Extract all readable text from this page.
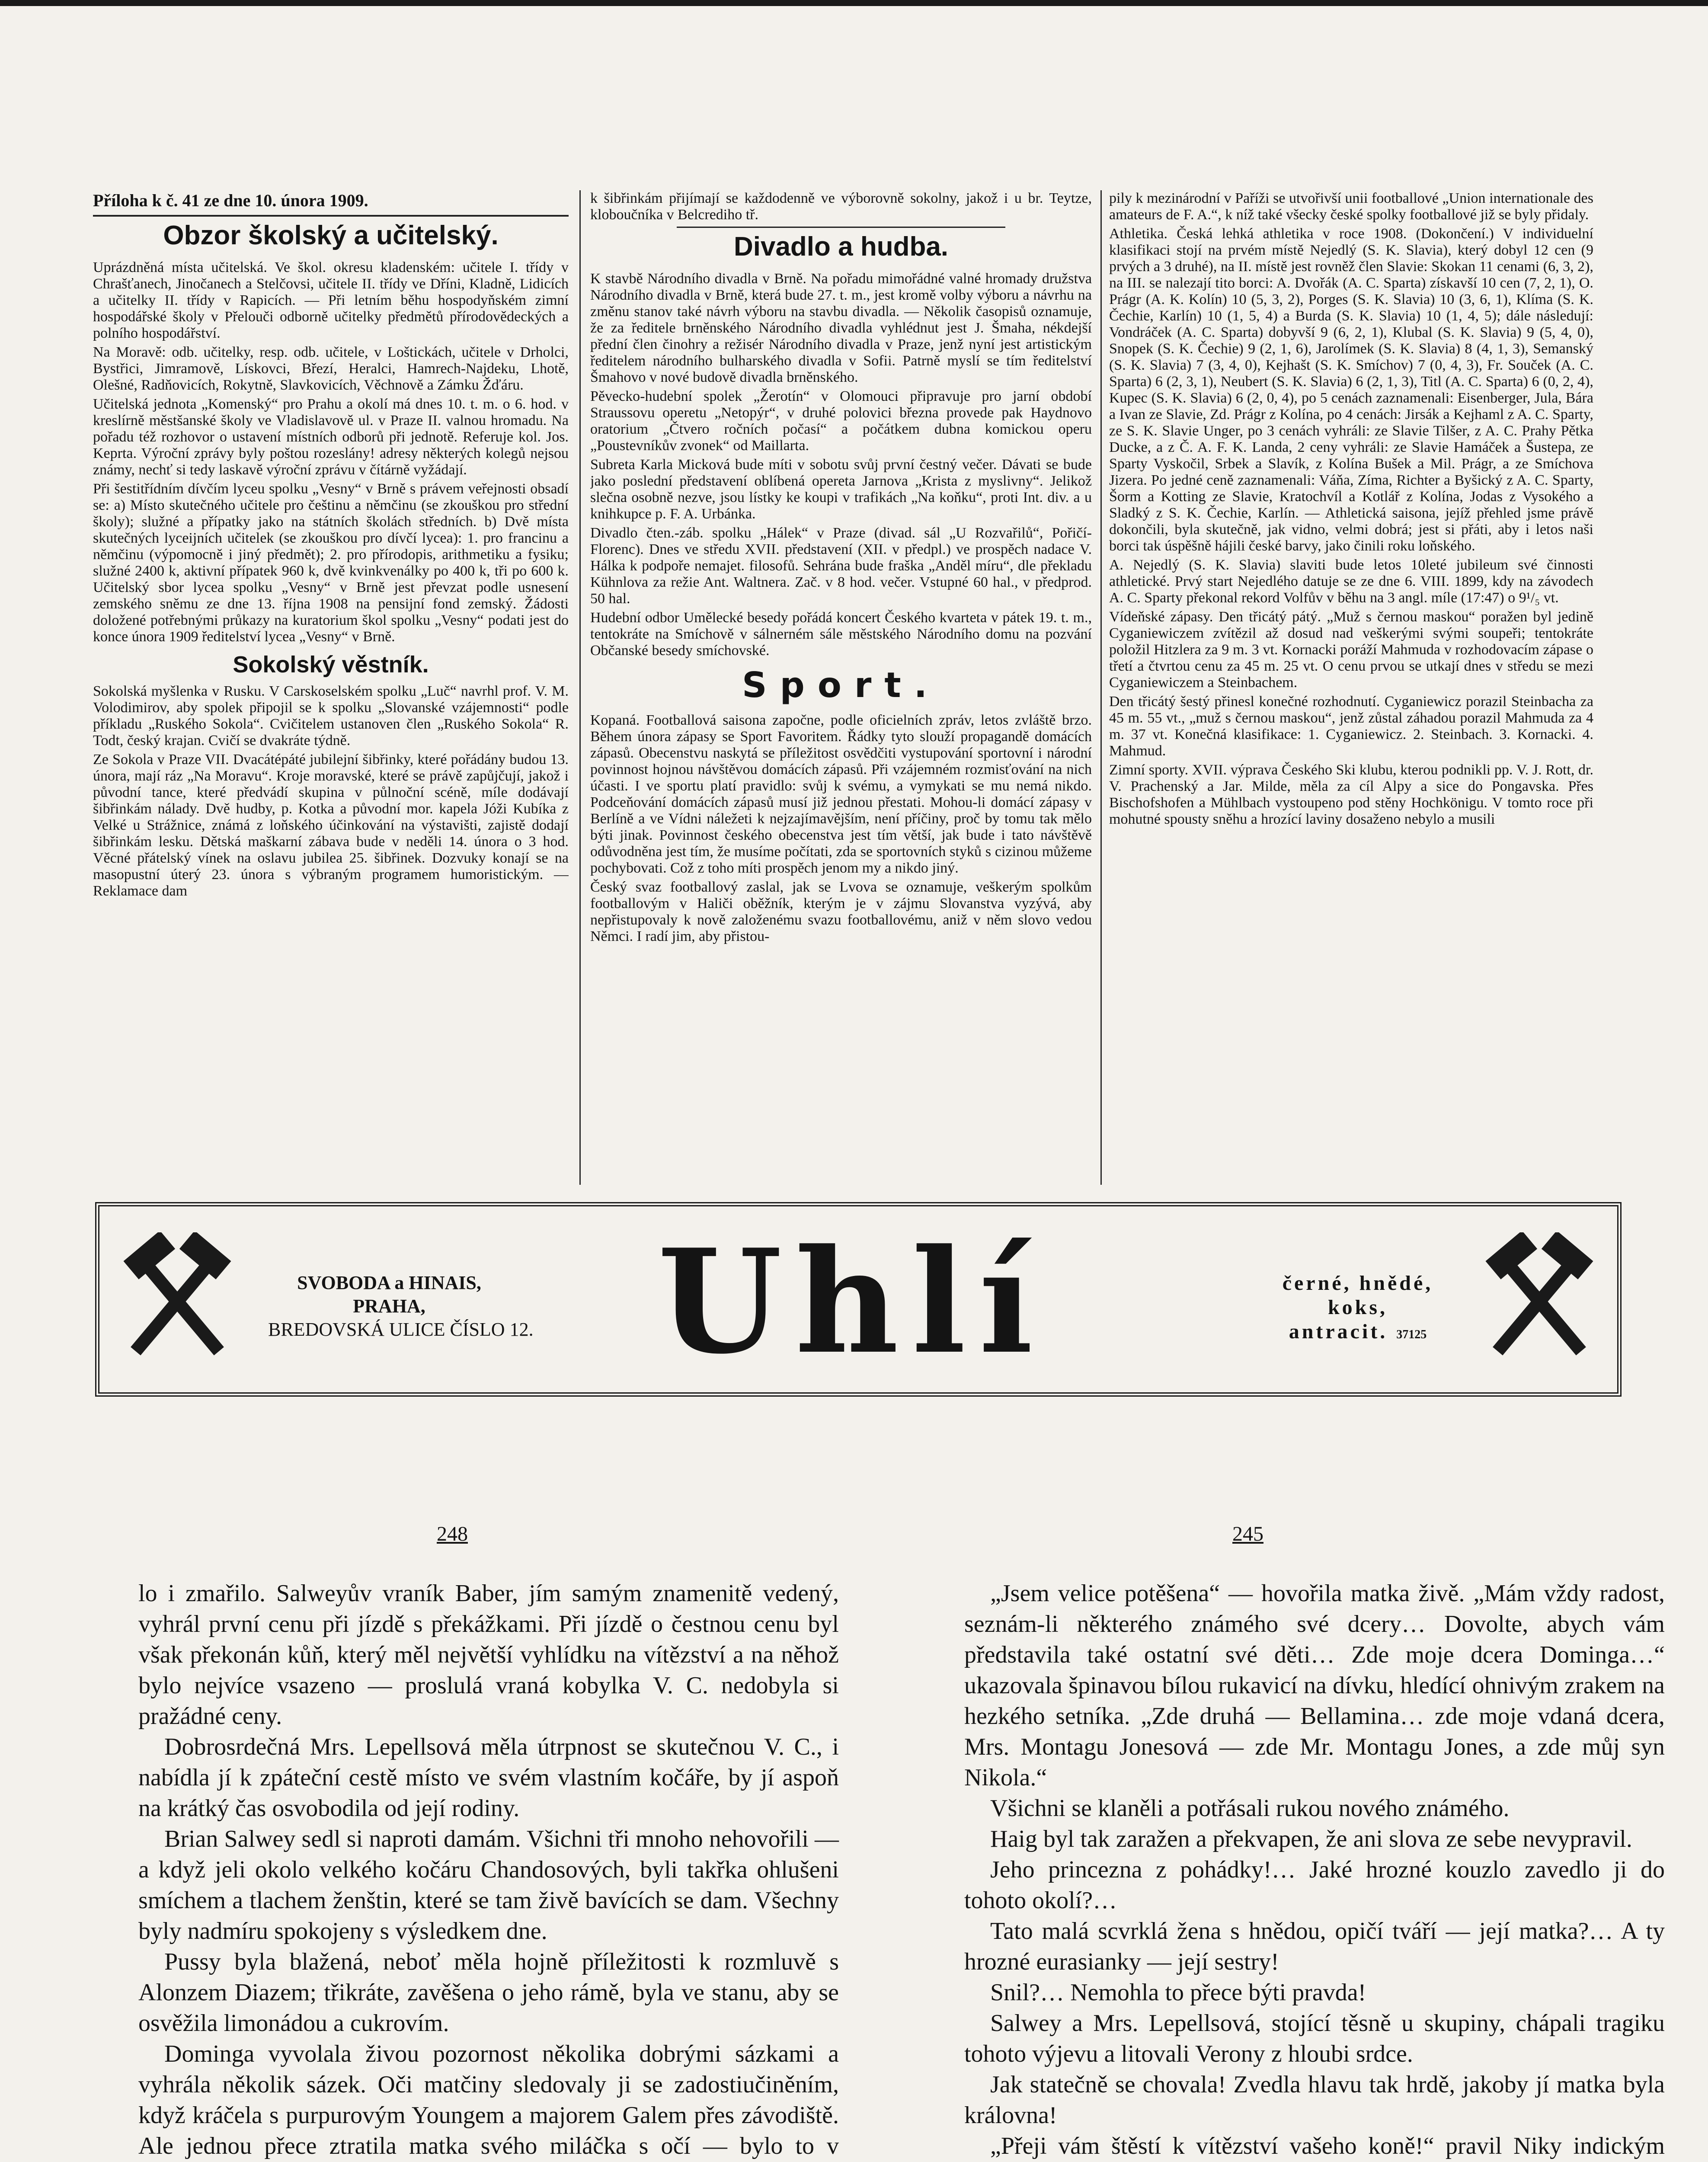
Příloha k č. 41 ze dne 10. února 1909.
Obzor školský a učitelský.

Uprázdněná místa učitelská. Ve škol. okresu kladenském: učitele I. třídy v Chrašťanech, Jinočanech a Stelčovsi, učitele II. třídy ve Dříni, Kladně, Lidicích a učitelky II. třídy v Rapicích. — Při letním běhu hospodyňském zimní hospodářské školy v Přelouči odborně učitelky předmětů přírodovědeckých a polního hospodářství.

Na Moravě: odb. učitelky, resp. odb. učitele, v Loštickách, učitele v Drholci, Bystřici, Jimramově, Lískovci, Březí, Heralci, Hamrech-Najdeku, Lhotě, Olešné, Radňovicích, Rokytně, Slavkovicích, Věchnově a Zámku Žďáru.

Učitelská jednota „Komenský“ pro Prahu a okolí má dnes 10. t. m. o 6. hod. v kreslírně městšanské školy ve Vladislavově ul. v Praze II. valnou hromadu. Na pořadu též rozhovor o ustavení místních odborů při jednotě. Referuje kol. Jos. Keprta. Výroční zprávy byly poštou rozeslány! adresy některých kolegů nejsou známy, nechť si tedy laskavě výroční zprávu v čítárně vyžádají.

Při šestitřídním dívčím lyceu spolku „Vesny“ v Brně s právem veřejnosti obsadí se: a) Místo skutečného učitele pro češtinu a němčinu (se zkouškou pro střední školy); služné a přípatky jako na státních školách středních. b) Dvě místa skutečných lyceijních učitelek (se zkouškou pro dívčí lycea): 1. pro francinu a němčinu (výpomocně i jiný předmět); 2. pro přírodopis, arithmetiku a fysiku; služné 2400 k, aktivní přípatek 960 k, dvě kvinkvenálky po 400 k, tři po 600 k. Učitelský sbor lycea spolku „Vesny“ v Brně jest převzat podle usnesení zemského sněmu ze dne 13. října 1908 na pensijní fond zemský. Žádosti doložené potřebnými průkazy na kuratorium škol spolku „Vesny“ podati jest do konce února 1909 ředitelství lycea „Vesny“ v Brně.

Sokolský věstník.

Sokolská myšlenka v Rusku. V Carskoselském spolku „Luč“ navrhl prof. V. M. Volodimirov, aby spolek připojil se k spolku „Slovanské vzájemnosti“ podle příkladu „Ruského Sokola“. Cvičitelem ustanoven člen „Ruského Sokola“ R. Todt, český krajan. Cvičí se dvakráte týdně.

Ze Sokola v Praze VII. Dvacátépáté jubilejní šibřinky, které pořádány budou 13. února, mají ráz „Na Moravu“. Kroje moravské, které se právě zapůjčují, jakož i původní tance, které předvádí skupina v půlnoční scéně, míle dodávají šibřinkám nálady. Dvě hudby, p. Kotka a původní mor. kapela Jóži Kubíka z Velké u Strážnice, známá z loňského účinkování na výstavišti, zajistě dodají šibřinkám lesku. Dětská maškarní zábava bude v neděli 14. února o 3 hod. Věcné přátelský vínek na oslavu jubilea 25. šibřinek. Dozvuky konají se na masopustní úterý 23. února s výbraným programem humoristickým. — Reklamace dam

k šibřinkám přijímají se každodenně ve výborovně sokolny, jakož i u br. Teytze, kloboučníka v Belcrediho tř.

Divadlo a hudba.

K stavbě Národního divadla v Brně. Na pořadu mimořádné valné hromady družstva Národního divadla v Brně, která bude 27. t. m., jest kromě volby výboru a návrhu na změnu stanov také návrh výboru na stavbu divadla. — Několik časopisů oznamuje, že za ředitele brněnského Národního divadla vyhlédnut jest J. Šmaha, nékdejší přední člen činohry a režisér Národního divadla v Praze, jenž nyní jest artistickým ředitelem národního bulharského divadla v Sofii. Patrně myslí se tím ředitelství Šmahovo v nové budově divadla brněnského.

Pěvecko-hudební spolek „Žerotín“ v Olomouci připravuje pro jarní období Straussovu operetu „Netopýr“, v druhé polovici března provede pak Haydnovo oratorium „Čtvero ročních počasí“ a počátkem dubna komickou operu „Poustevníkův zvonek“ od Maillarta.

Subreta Karla Micková bude míti v sobotu svůj první čestný večer. Dávati se bude jako poslední představení oblíbená opereta Jarnova „Krista z myslivny“. Jelikož slečna osobně nezve, jsou lístky ke koupi v trafikách „Na koňku“, proti Int. div. a u knihkupce p. F. A. Urbánka.

Divadlo čten.-záb. spolku „Hálek“ v Praze (divad. sál „U Rozvařilů“, Pořičí-Florenc). Dnes ve středu XVII. představení (XII. v předpl.) ve prospěch nadace V. Hálka k podpoře nemajet. filosofů. Sehrána bude fraška „Anděl míru“, dle překladu Kühnlova za režie Ant. Waltnera. Zač. v 8 hod. večer. Vstupné 60 hal., v předprod. 50 hal.

Hudební odbor Umělecké besedy pořádá koncert Českého kvarteta v pátek 19. t. m., tentokráte na Smíchově v sálnerném sále městského Národního domu na pozvání Občanské besedy smíchovské.

Sport.

Kopaná. Footballová saisona započne, podle oficielních zpráv, letos zvláště brzo. Během února zápasy se Sport Favoritem. Řádky tyto slouží propagandě domácích zápasů. Obecenstvu naskytá se příležitost osvědčiti vystupování sportovní i národní povinnost hojnou návštěvou domácích zápasů. Při vzájemném rozmisťování na nich účasti. I ve sportu platí pravidlo: svůj k svému, a vymykati se mu nemá nikdo. Podceňování domácích zápasů musí již jednou přestati. Mohou-li domácí zápasy v Berlíně a ve Vídni náležeti k nejzajímavějším, není příčiny, proč by tomu tak mělo býti jinak. Povinnost českého obecenstva jest tím větší, jak bude i tato návštěvě odůvodněna jest tím, že musíme počítati, zda se sportovních styků s cizinou můžeme pochybovati. Což z toho míti prospěch jenom my a nikdo jiný.

Český svaz footballový zaslal, jak se Lvova se oznamuje, veškerým spolkům footballovým v Haliči oběžník, kterým je v zájmu Slovanstva vyzývá, aby nepřistupovaly k nově založenému svazu footballovému, aniž v něm slovo vedou Němci. I radí jim, aby přistou-

pily k mezinárodní v Paříži se utvořivší unii footballové „Union internationale des amateurs de F. A.“, k níž také všecky české spolky footballové již se byly přidaly.

Athletika. Česká lehká athletika v roce 1908. (Dokončení.) V individuelní klasifikaci stojí na prvém místě Nejedlý (S. K. Slavia), který dobyl 12 cen (9 prvých a 3 druhé), na II. místě jest rovněž člen Slavie: Skokan 11 cenami (6, 3, 2), na III. se nalezají tito borci: A. Dvořák (A. C. Sparta) získavší 10 cen (7, 2, 1), O. Prágr (A. K. Kolín) 10 (5, 3, 2), Porges (S. K. Slavia) 10 (3, 6, 1), Klíma (S. K. Čechie, Karlín) 10 (1, 5, 4) a Burda (S. K. Slavia) 10 (1, 4, 5); dále následují: Vondráček (A. C. Sparta) dobyvší 9 (6, 2, 1), Klubal (S. K. Slavia) 9 (5, 4, 0), Snopek (S. K. Čechie) 9 (2, 1, 6), Jarolímek (S. K. Slavia) 8 (4, 1, 3), Semanský (S. K. Slavia) 7 (3, 4, 0), Kejhašt (S. K. Smíchov) 7 (0, 4, 3), Fr. Souček (A. C. Sparta) 6 (2, 3, 1), Neubert (S. K. Slavia) 6 (2, 1, 3), Titl (A. C. Sparta) 6 (0, 2, 4), Kupec (S. K. Slavia) 6 (2, 0, 4), po 5 cenách zaznamenali: Eisenberger, Jula, Bára a Ivan ze Slavie, Zd. Prágr z Kolína, po 4 cenách: Jirsák a Kejhaml z A. C. Sparty, ze S. K. Slavie Unger, po 3 cenách vyhráli: ze Slavie Tilšer, z A. C. Prahy Pětka Ducke, a z Č. A. F. K. Landa, 2 ceny vyhráli: ze Slavie Hamáček a Šusteра, ze Sparty Vyskočil, Srbek a Slavík, z Kolína Bušek a Mil. Prágr, a ze Smíchova Jizera. Po jedné ceně zaznamenali: Váňa, Zíma, Richter a Byšický z A. C. Sparty, Šorm a Kotting ze Slavie, Kratochvíl a Kotlář z Kolína, Jodas z Vysokého a Sladký z S. K. Čechie, Karlín. — Athletická saisona, jejíž přehled jsme právě dokončili, byla skutečně, jak vidno, velmi dobrá; jest si přáti, aby i letos naši borci tak úspěšně hájili české barvy, jako činili roku loňského.

A. Nejedlý (S. K. Slavia) slaviti bude letos 10leté jubileum své činnosti athletické. Prvý start Nejedlého datuje se ze dne 6. VIII. 1899, kdy na závodech A. C. Sparty překonal rekord Volfův v běhu na 3 angl. míle (17:47) o 9¹/₅ vt.

Vídeňské zápasy. Den třicátý pátý. „Muž s černou maskou“ poražen byl jedině Cyganiewiczem zvítězil až dosud nad veškerými svými soupeři; tentokráte položil Hitzlera za 9 m. 3 vt. Kornacki poráží Mahmuda v rozhodovacím zápase o třetí a čtvrtou cenu za 45 m. 25 vt. O cenu prvou se utkají dnes v středu se mezi Cyganiewiczem a Steinbachem.

Den třicátý šestý přinesl konečné rozhodnutí. Cyganiewicz porazil Steinbacha za 45 m. 55 vt., „muž s černou maskou“, jenž zůstal záhadou porazil Mahmuda za 4 m. 37 vt. Konečná klasifikace: 1. Cyganiewicz. 2. Steinbach. 3. Kornacki. 4. Mahmud.

Zimní sporty. XVII. výprava Českého Ski klubu, kterou podnikli pp. V. J. Rott, dr. V. Prachenský a Jar. Milde, měla za cíl Alpy a sice do Pongavska. Přes Bischofshofen a Mühlbach vystoupeno pod stěny Hochkönigu. V tomto roce při mohutné spousty sněhu a hrozící laviny dosaženo nebylo a musili

SVOBODA a HINAIS,
PRAHA,
BREDOVSKÁ ULICE ČÍSLO 12. Uhlí	černé, hnědé,
koks,
antracit. 37125
248	245

lo i zmařilo. Salweyův vraník Baber, jím samým znamenitě vedený, vyhrál první cenu při jízdě s překážkami. Při jízdě o čestnou cenu byl však překonán kůň, který měl největší vyhlídku na vítězství a na něhož bylo nejvíce vsazeno — proslulá vraná kobylka V. C. nedobyla si pražádné ceny.

Dobrosrdečná Mrs. Lepellsová měla útrpnost se skutečnou V. C., i nabídla jí k zpáteční cestě místo ve svém vlastním kočáře, by jí aspoň na krátký čas osvobodila od její rodiny.

Brian Salwey sedl si naproti damám. Všichni tři mnoho nehovořili — a když jeli okolo velkého kočáru Chandosových, byli takřka ohlušeni smíchem a tlachem ženštin, které se tam živě bavících se dam. Všechny byly nadmíru spokojeny s výsledkem dne.

Pussy byla blažená, neboť měla hojně příležitosti k rozmluvě s Alonzem Diazem; třikráte, zavěšena o jeho rámě, byla ve stanu, aby se osvěžila limonádou a cukrovím.

Dominga vyvolala živou pozornost několika dobrými sázkami a vyhrála několik sázek. Oči matčiny sledovaly ji se zadostiučiněním, když kráčela s purpurovým Youngem a majorem Galem přes závodiště. Ale jednou přece ztratila matka svého miláčka s očí — bylo to v

„Jsem velice potěšena“ — hovořila matka živě. „Mám vždy radost, seznám-li některého známého své dcery… Dovolte, abych vám představila také ostatní své děti… Zde moje dcera Dominga…“ ukazovala špinavou bílou rukavicí na dívku, hledící ohnivým zrakem na hezkého setníka. „Zde druhá — Bellamina… zde moje vdaná dcera, Mrs. Montagu Jonesová — zde Mr. Montagu Jones, a zde můj syn Nikola.“

Všichni se klaněli a potřásali rukou nového známého.

Haig byl tak zaražen a překvapen, že ani slova ze sebe nevypravil.

Jeho princezna z pohádky!… Jaké hrozné kouzlo zavedlo ji do tohoto okolí?…

Tato malá scvrklá žena s hnědou, opičí tváří — její matka?… A ty hrozné eurasianky — její sestry!

Snil?… Nemohla to přece býti pravda!

Salwey a Mrs. Lepellsová, stojící těsně u skupiny, chápali tragiku tohoto výjevu a litovali Verony z hloubi srdce.

Jak statečně se chovala! Zvedla hlavu tak hrdě, jakoby jí matka byla královna!

„Přeji vám štěstí k vítězství vašeho koně!“ pravil Niky indickým
